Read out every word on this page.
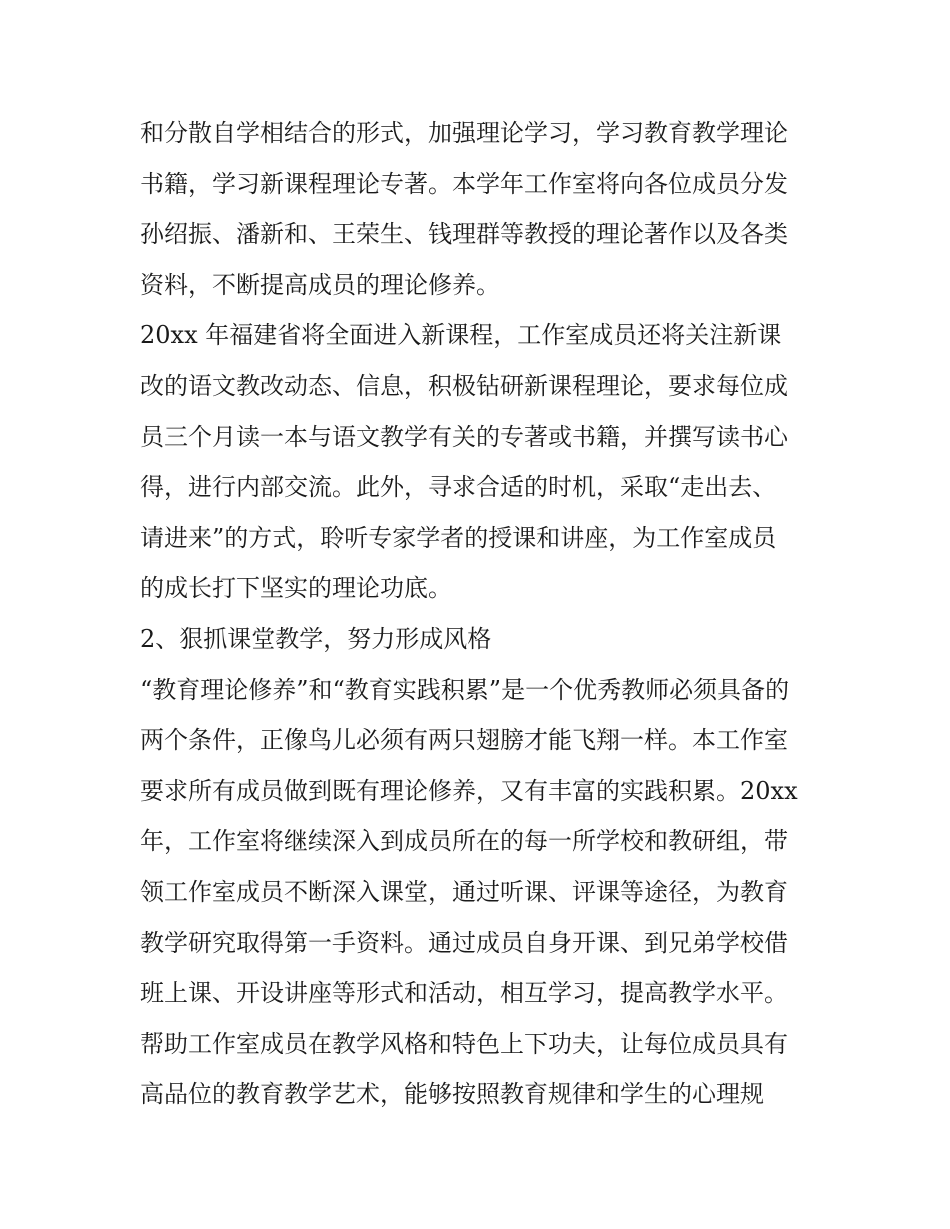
和分散自学相结合的形式，加强理论学习，学习教育教学理论
书籍，学习新课程理论专著。本学年工作室将向各位成员分发
孙绍振、潘新和、王荣生、钱理群等教授的理论著作以及各类
资料，不断提高成员的理论修养。
20xx 年福建省将全面进入新课程，工作室成员还将关注新课
改的语文教改动态、信息，积极钻研新课程理论，要求每位成
员三个月读一本与语文教学有关的专著或书籍，并撰写读书心
得，进行内部交流。此外，寻求合适的时机，采取“走出去、
请进来”的方式，聆听专家学者的授课和讲座，为工作室成员
的成长打下坚实的理论功底。
2、狠抓课堂教学，努力形成风格
“教育理论修养”和“教育实践积累”是一个优秀教师必须具备的
两个条件，正像鸟儿必须有两只翅膀才能飞翔一样。本工作室
要求所有成员做到既有理论修养，又有丰富的实践积累。20xx
年，工作室将继续深入到成员所在的每一所学校和教研组，带
领工作室成员不断深入课堂，通过听课、评课等途径，为教育
教学研究取得第一手资料。通过成员自身开课、到兄弟学校借
班上课、开设讲座等形式和活动，相互学习，提高教学水平。
帮助工作室成员在教学风格和特色上下功夫，让每位成员具有
高品位的教育教学艺术，能够按照教育规律和学生的心理规
